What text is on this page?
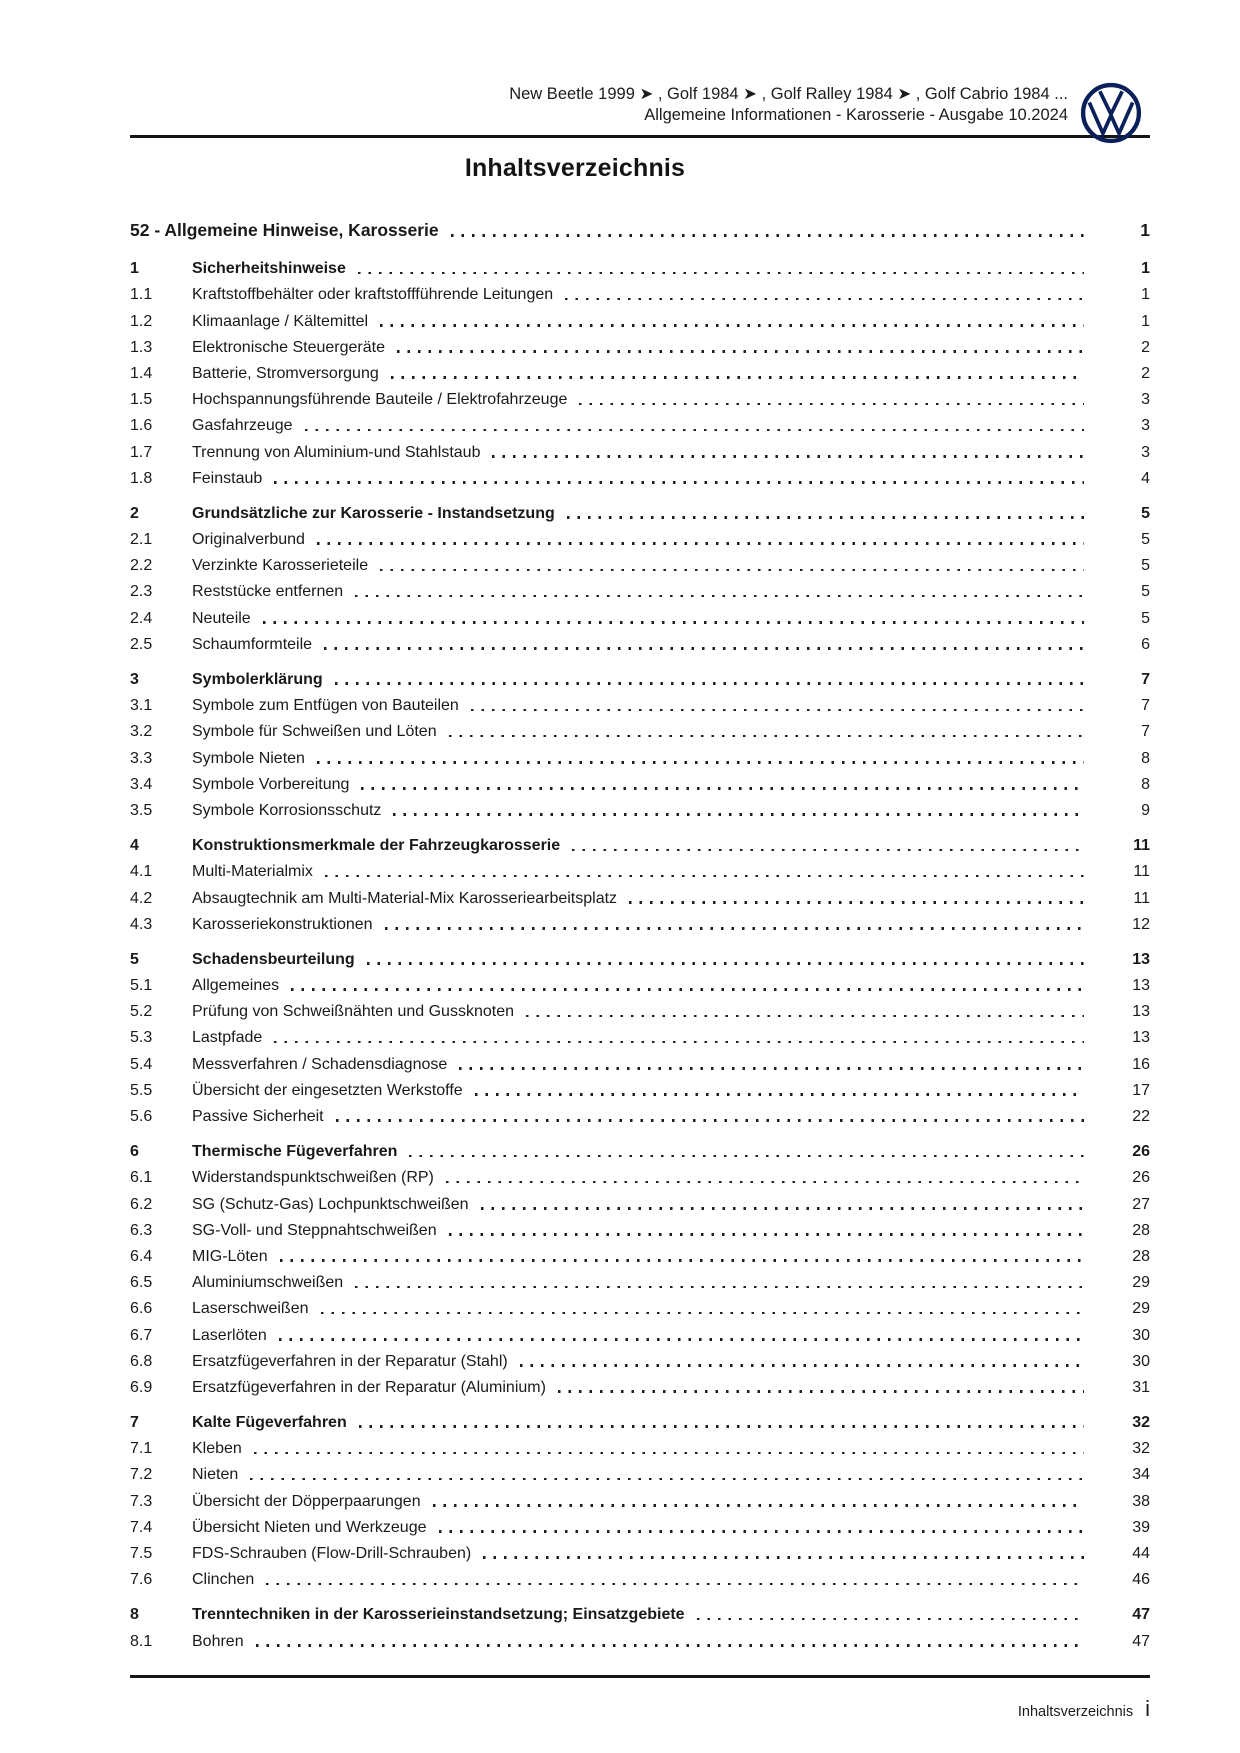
New Beetle 1999 ➤ , Golf 1984 ➤ , Golf Ralley 1984 ➤ , Golf Cabrio 1984 ...
Allgemeine Informationen - Karosserie - Ausgabe 10.2024
Inhaltsverzeichnis
52 - Allgemeine Hinweise, Karosserie	1
1	Sicherheitshinweise	1
1.1	Kraftstoffbehälter oder kraftstoffführende Leitungen	1
1.2	Klimaanlage / Kältemittel	1
1.3	Elektronische Steuergeräte	2
1.4	Batterie, Stromversorgung	2
1.5	Hochspannungsführende Bauteile / Elektrofahrzeuge	3
1.6	Gasfahrzeuge	3
1.7	Trennung von Aluminium-und Stahlstaub	3
1.8	Feinstaub	4
2	Grundsätzliche zur Karosserie - Instandsetzung	5
2.1	Originalverbund	5
2.2	Verzinkte Karosserieteile	5
2.3	Reststücke entfernen	5
2.4	Neuteile	5
2.5	Schaumformteile	6
3	Symbolerklärung	7
3.1	Symbole zum Entfügen von Bauteilen	7
3.2	Symbole für Schweißen und Löten	7
3.3	Symbole Nieten	8
3.4	Symbole Vorbereitung	8
3.5	Symbole Korrosionsschutz	9
4	Konstruktionsmerkmale der Fahrzeugkarosserie	11
4.1	Multi-Materialmix	11
4.2	Absaugtechnik am Multi-Material-Mix Karosseriearbeitsplatz	11
4.3	Karosseriekonstruktionen	12
5	Schadensbeurteilung	13
5.1	Allgemeines	13
5.2	Prüfung von Schweißnähten und Gussknoten	13
5.3	Lastpfade	13
5.4	Messverfahren / Schadensdiagnose	16
5.5	Übersicht der eingesetzten Werkstoffe	17
5.6	Passive Sicherheit	22
6	Thermische Fügeverfahren	26
6.1	Widerstandspunktschweißen (RP)	26
6.2	SG (Schutz-Gas) Lochpunktschweißen	27
6.3	SG-Voll- und Steppnahtschweißen	28
6.4	MIG-Löten	28
6.5	Aluminiumschweißen	29
6.6	Laserschweißen	29
6.7	Laserlöten	30
6.8	Ersatzfügeverfahren in der Reparatur (Stahl)	30
6.9	Ersatzfügeverfahren in der Reparatur (Aluminium)	31
7	Kalte Fügeverfahren	32
7.1	Kleben	32
7.2	Nieten	34
7.3	Übersicht der Döpperpaarungen	38
7.4	Übersicht Nieten und Werkzeuge	39
7.5	FDS-Schrauben (Flow-Drill-Schrauben)	44
7.6	Clinchen	46
8	Trenntechniken in der Karosserieinstandsetzung; Einsatzgebiete	47
8.1	Bohren	47
Inhaltsverzeichnis i
